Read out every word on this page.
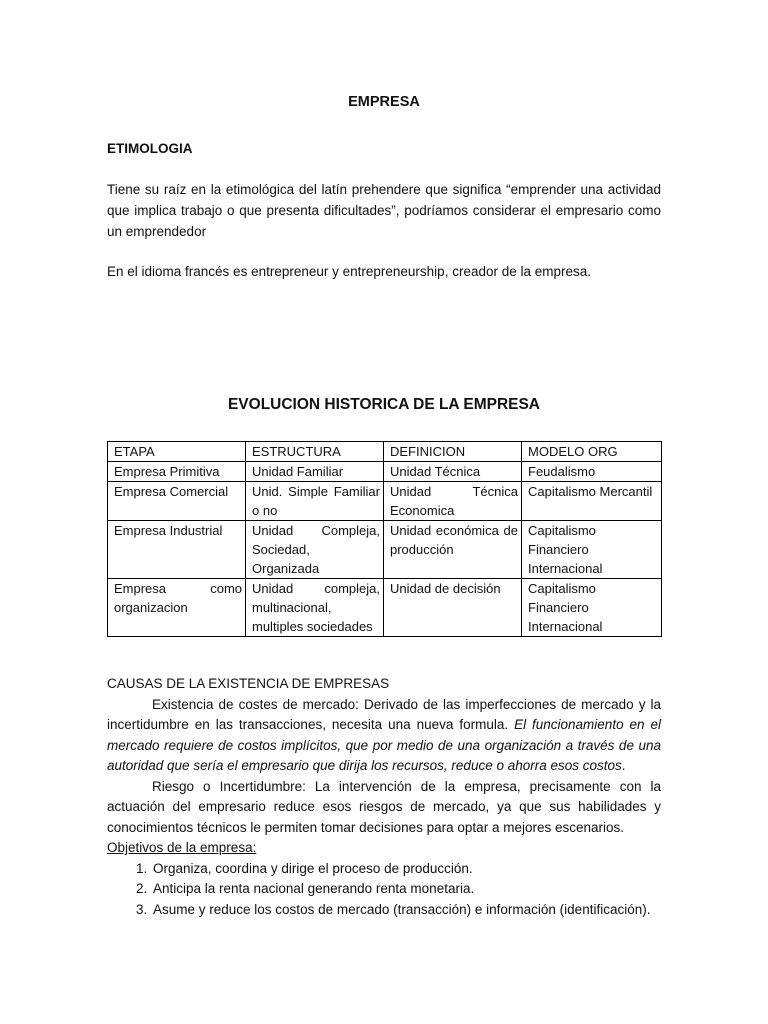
EMPRESA
ETIMOLOGIA
Tiene su raíz en la etimológica del latín prehendere que significa “emprender una actividad que implica trabajo o que presenta dificultades”, podríamos considerar el empresario como un emprendedor
En el idioma francés es entrepreneur y entrepreneurship, creador de la empresa.
EVOLUCION HISTORICA DE LA EMPRESA
ETAPA	ESTRUCTURA	DEFINICION	MODELO ORG
Empresa Primitiva	Unidad Familiar	Unidad Técnica	Feudalismo
Empresa Comercial	Unid. Simple Familiar o no	Unidad Técnica Economica	Capitalismo Mercantil
Empresa Industrial	Unidad Compleja, Sociedad, Organizada	Unidad económica de producción	Capitalismo Financiero Internacional
Empresa como organizacion	Unidad compleja, multinacional, multiples sociedades	Unidad de decisión	Capitalismo Financiero Internacional
CAUSAS DE LA EXISTENCIA DE EMPRESAS

Existencia de costes de mercado: Derivado de las imperfecciones de mercado y la incertidumbre en las transacciones, necesita una nueva formula. El funcionamiento en el mercado requiere de costos implícitos, que por medio de una organización a través de una autoridad que sería el empresario que dirija los recursos, reduce o ahorra esos costos.

Riesgo o Incertidumbre: La intervención de la empresa, precisamente con la actuación del empresario reduce esos riesgos de mercado, ya que sus habilidades y conocimientos técnicos le permiten tomar decisiones para optar a mejores escenarios.

Objetivos de la empresa:
1. Organiza, coordina y dirige el proceso de producción.
2. Anticipa la renta nacional generando renta monetaria.
3. Asume y reduce los costos de mercado (transacción) e información (identificación).
